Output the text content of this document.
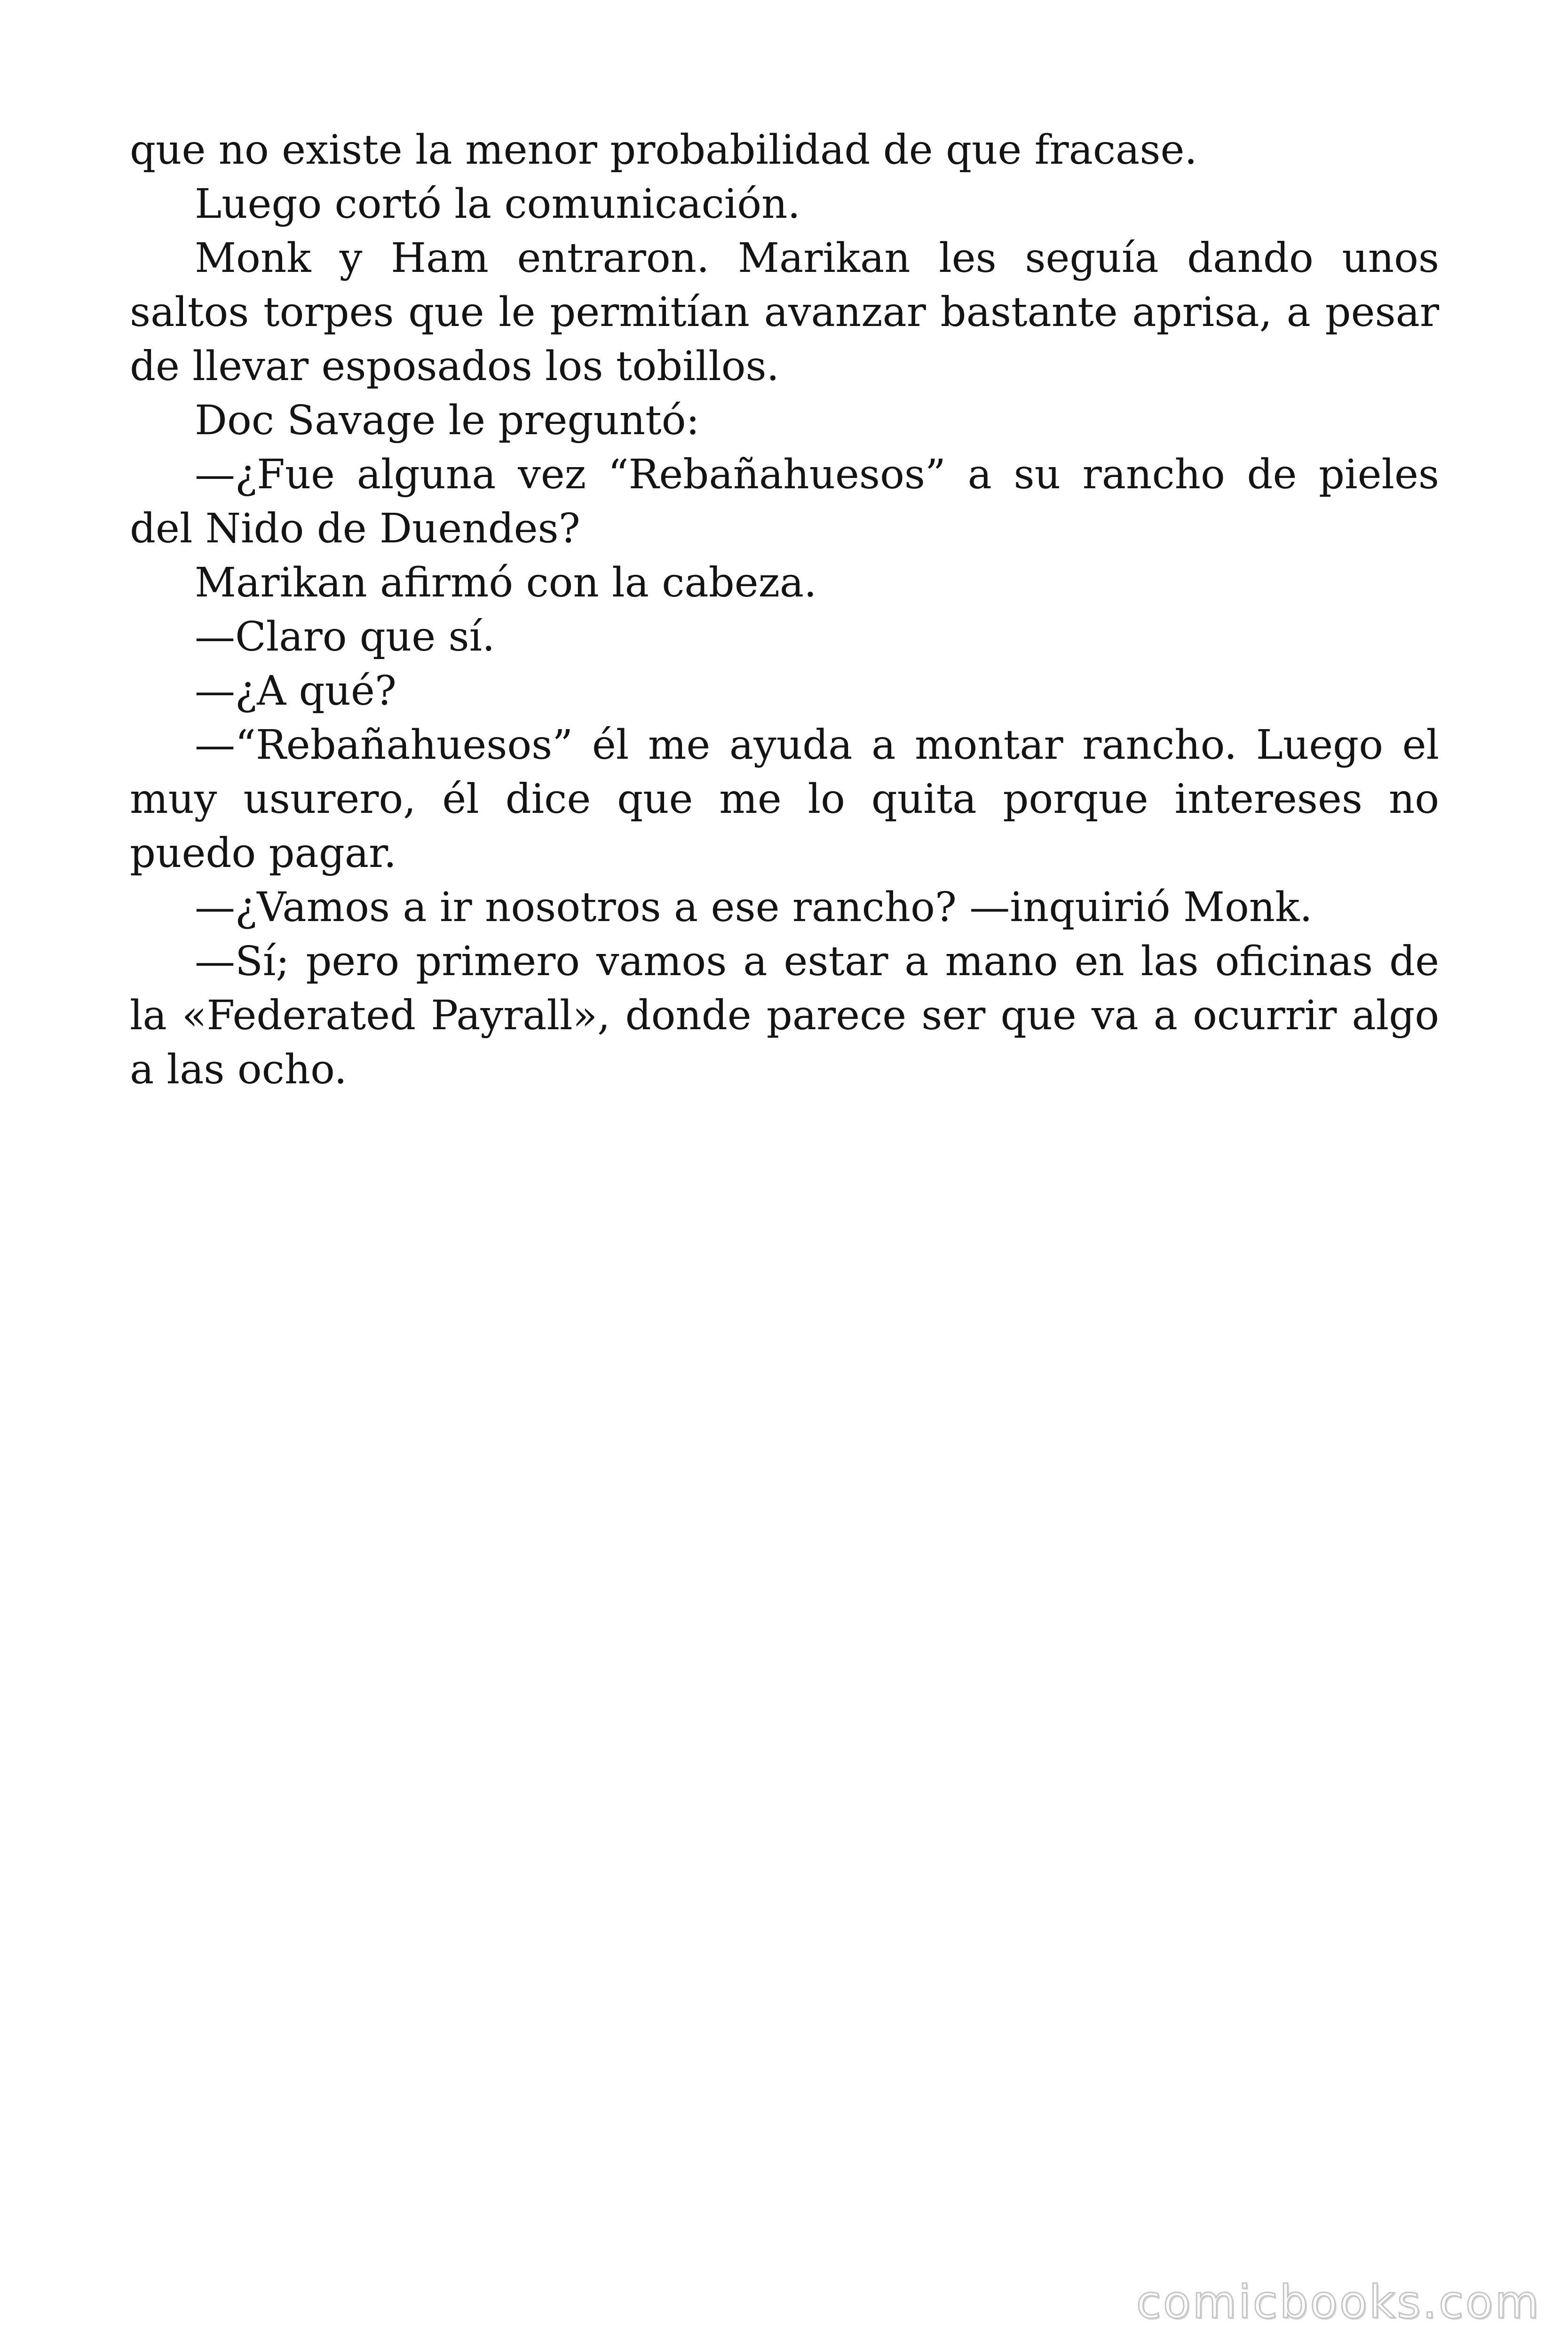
que no existe la menor probabilidad de que fracase.

Luego cortó la comunicación.

Monk y Ham entraron. Marikan les seguía dando unos saltos torpes que le permitían avanzar bastante aprisa, a pesar de llevar esposados los tobillos.

Doc Savage le preguntó:

—¿Fue alguna vez “Rebañahuesos” a su rancho de pieles del Nido de Duendes?

Marikan afirmó con la cabeza.

—Claro que sí.

—¿A qué?

—“Rebañahuesos” él me ayuda a montar rancho. Luego el muy usurero, él dice que me lo quita porque intereses no puedo pagar.

—¿Vamos a ir nosotros a ese rancho? —inquirió Monk.

—Sí; pero primero vamos a estar a mano en las oficinas de la «Federated Payrall», donde parece ser que va a ocurrir algo a las ocho.

comicbooks.com
